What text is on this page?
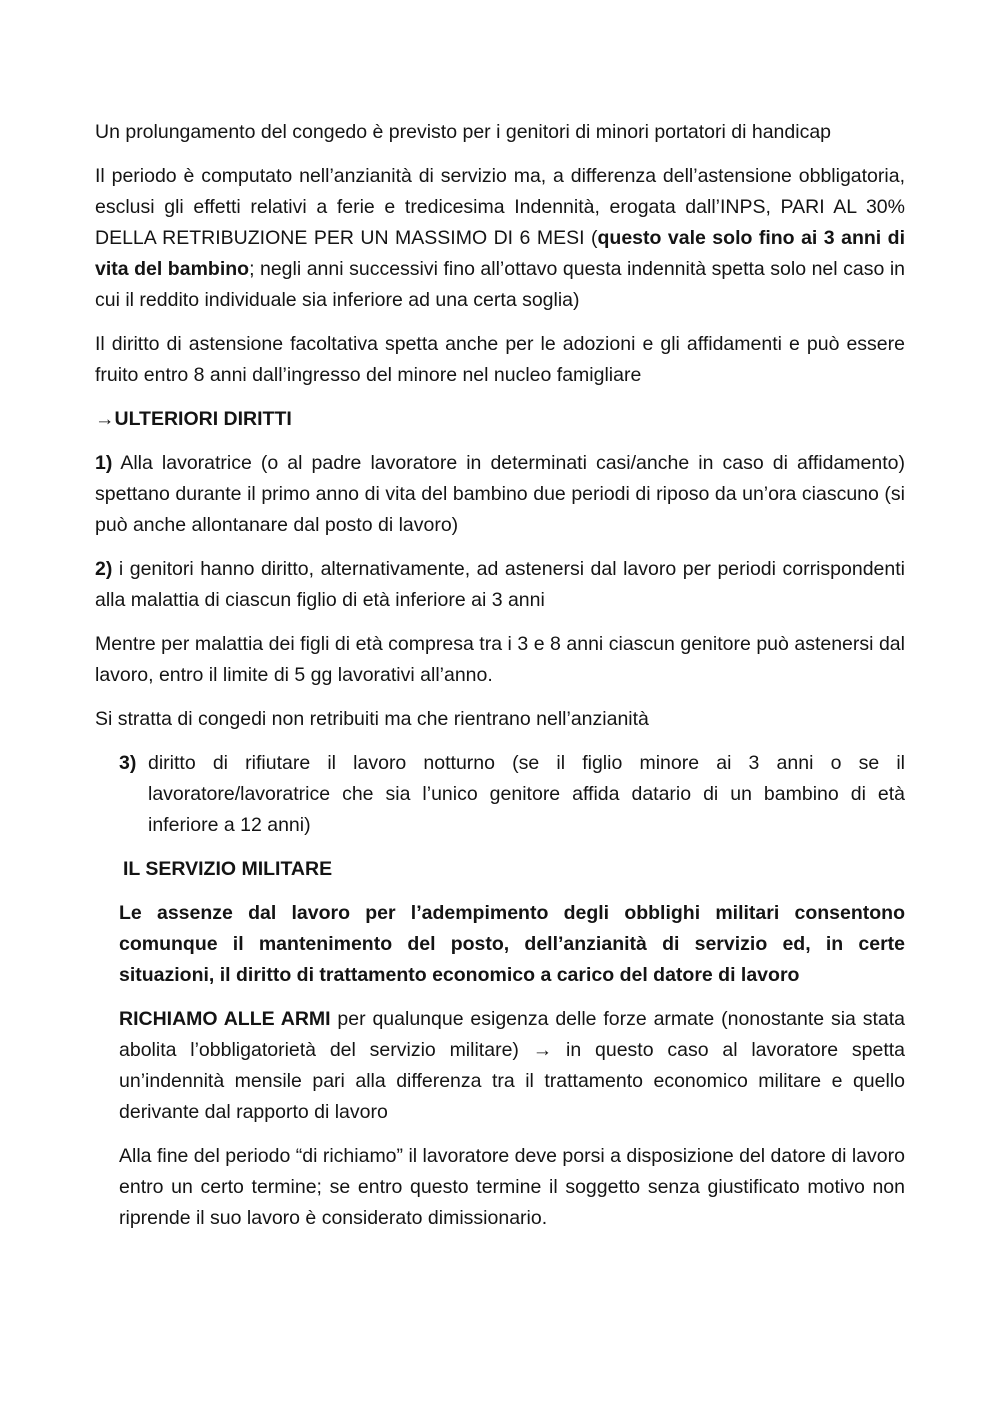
Un prolungamento del congedo è previsto per i genitori di minori portatori di handicap

Il periodo è computato nell’anzianità di servizio ma, a differenza dell’astensione obbligatoria, esclusi gli effetti relativi a ferie e tredicesima Indennità, erogata dall’INPS, PARI AL 30% DELLA RETRIBUZIONE PER UN MASSIMO DI 6 MESI (questo vale solo fino ai 3 anni di vita del bambino; negli anni successivi fino all’ottavo questa indennità spetta solo nel caso in cui il reddito individuale sia inferiore ad una certa soglia)

Il diritto di astensione facoltativa spetta anche per le adozioni e gli affidamenti e può essere fruito entro 8 anni dall’ingresso del minore nel nucleo famigliare

→ULTERIORI DIRITTI

1) Alla lavoratrice (o al padre lavoratore in determinati casi/anche in caso di affidamento) spettano durante il primo anno di vita del bambino due periodi di riposo da un’ora ciascuno (si può anche allontanare dal posto di lavoro)

2) i genitori hanno diritto, alternativamente, ad astenersi dal lavoro per periodi corrispondenti alla malattia di ciascun figlio di età inferiore ai 3 anni

Mentre per malattia dei figli di età compresa tra i 3 e 8 anni ciascun genitore può astenersi dal lavoro, entro il limite di 5 gg lavorativi all’anno.

Si stratta di congedi non retribuiti ma che rientrano nell’anzianità

3) diritto di rifiutare il lavoro notturno (se il figlio minore ai 3 anni o se il lavoratore/lavoratrice che sia l’unico genitore affida datario di un bambino di età inferiore a 12 anni)

IL SERVIZIO MILITARE

Le assenze dal lavoro per l’adempimento degli obblighi militari consentono comunque il mantenimento del posto, dell’anzianità di servizio ed, in certe situazioni, il diritto di trattamento economico a carico del datore di lavoro

RICHIAMO ALLE ARMI per qualunque esigenza delle forze armate (nonostante sia stata abolita l’obbligatorietà del servizio militare) → in questo caso al lavoratore spetta un’indennità mensile pari alla differenza tra il trattamento economico militare e quello derivante dal rapporto di lavoro

Alla fine del periodo “di richiamo” il lavoratore deve porsi a disposizione del datore di lavoro entro un certo termine; se entro questo termine il soggetto senza giustificato motivo non riprende il suo lavoro è considerato dimissionario.
